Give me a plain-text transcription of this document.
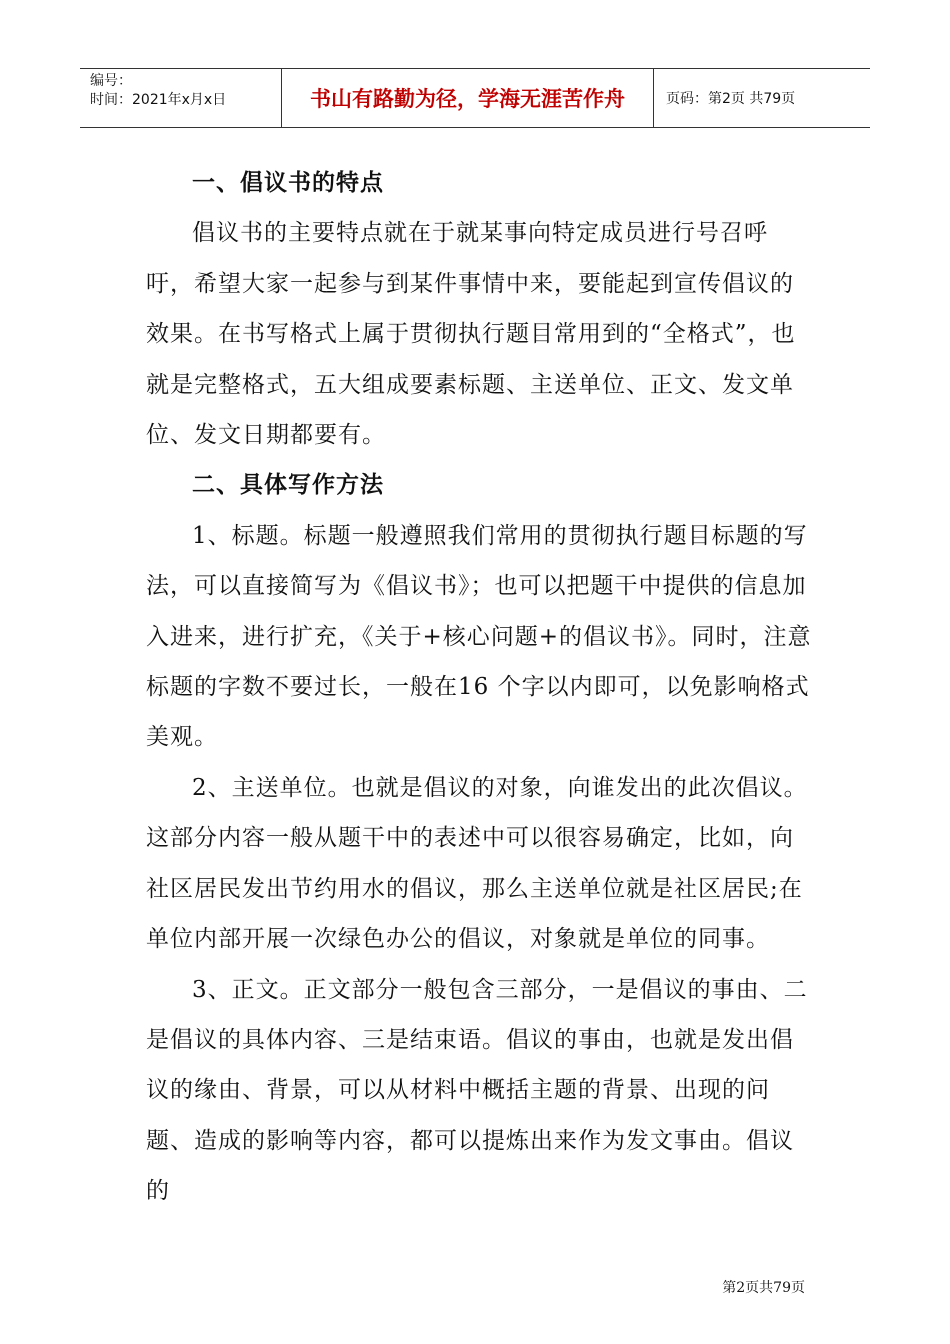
编号：
时间：2021年x月x日	书山有路勤为径，学海无涯苦作舟	页码：第2页 共79页

一、倡议书的特点

倡议书的主要特点就在于就某事向特定成员进行号召呼吁，希望大家一起参与到某件事情中来，要能起到宣传倡议的效果。在书写格式上属于贯彻执行题目常用到的“全格式”，也就是完整格式，五大组成要素标题、主送单位、正文、发文单位、发文日期都要有。

二、具体写作方法

1、标题。标题一般遵照我们常用的贯彻执行题目标题的写法，可以直接简写为《倡议书》；也可以把题干中提供的信息加入进来，进行扩充，《关于+核心问题+的倡议书》。同时，注意标题的字数不要过长，一般在16 个字以内即可，以免影响格式美观。

2、主送单位。也就是倡议的对象，向谁发出的此次倡议。这部分内容一般从题干中的表述中可以很容易确定，比如，向社区居民发出节约用水的倡议，那么主送单位就是社区居民;在单位内部开展一次绿色办公的倡议，对象就是单位的同事。

3、正文。正文部分一般包含三部分，一是倡议的事由、二是倡议的具体内容、三是结束语。倡议的事由，也就是发出倡议的缘由、背景，可以从材料中概括主题的背景、出现的问题、造成的影响等内容，都可以提炼出来作为发文事由。倡议的

第2页共79页
